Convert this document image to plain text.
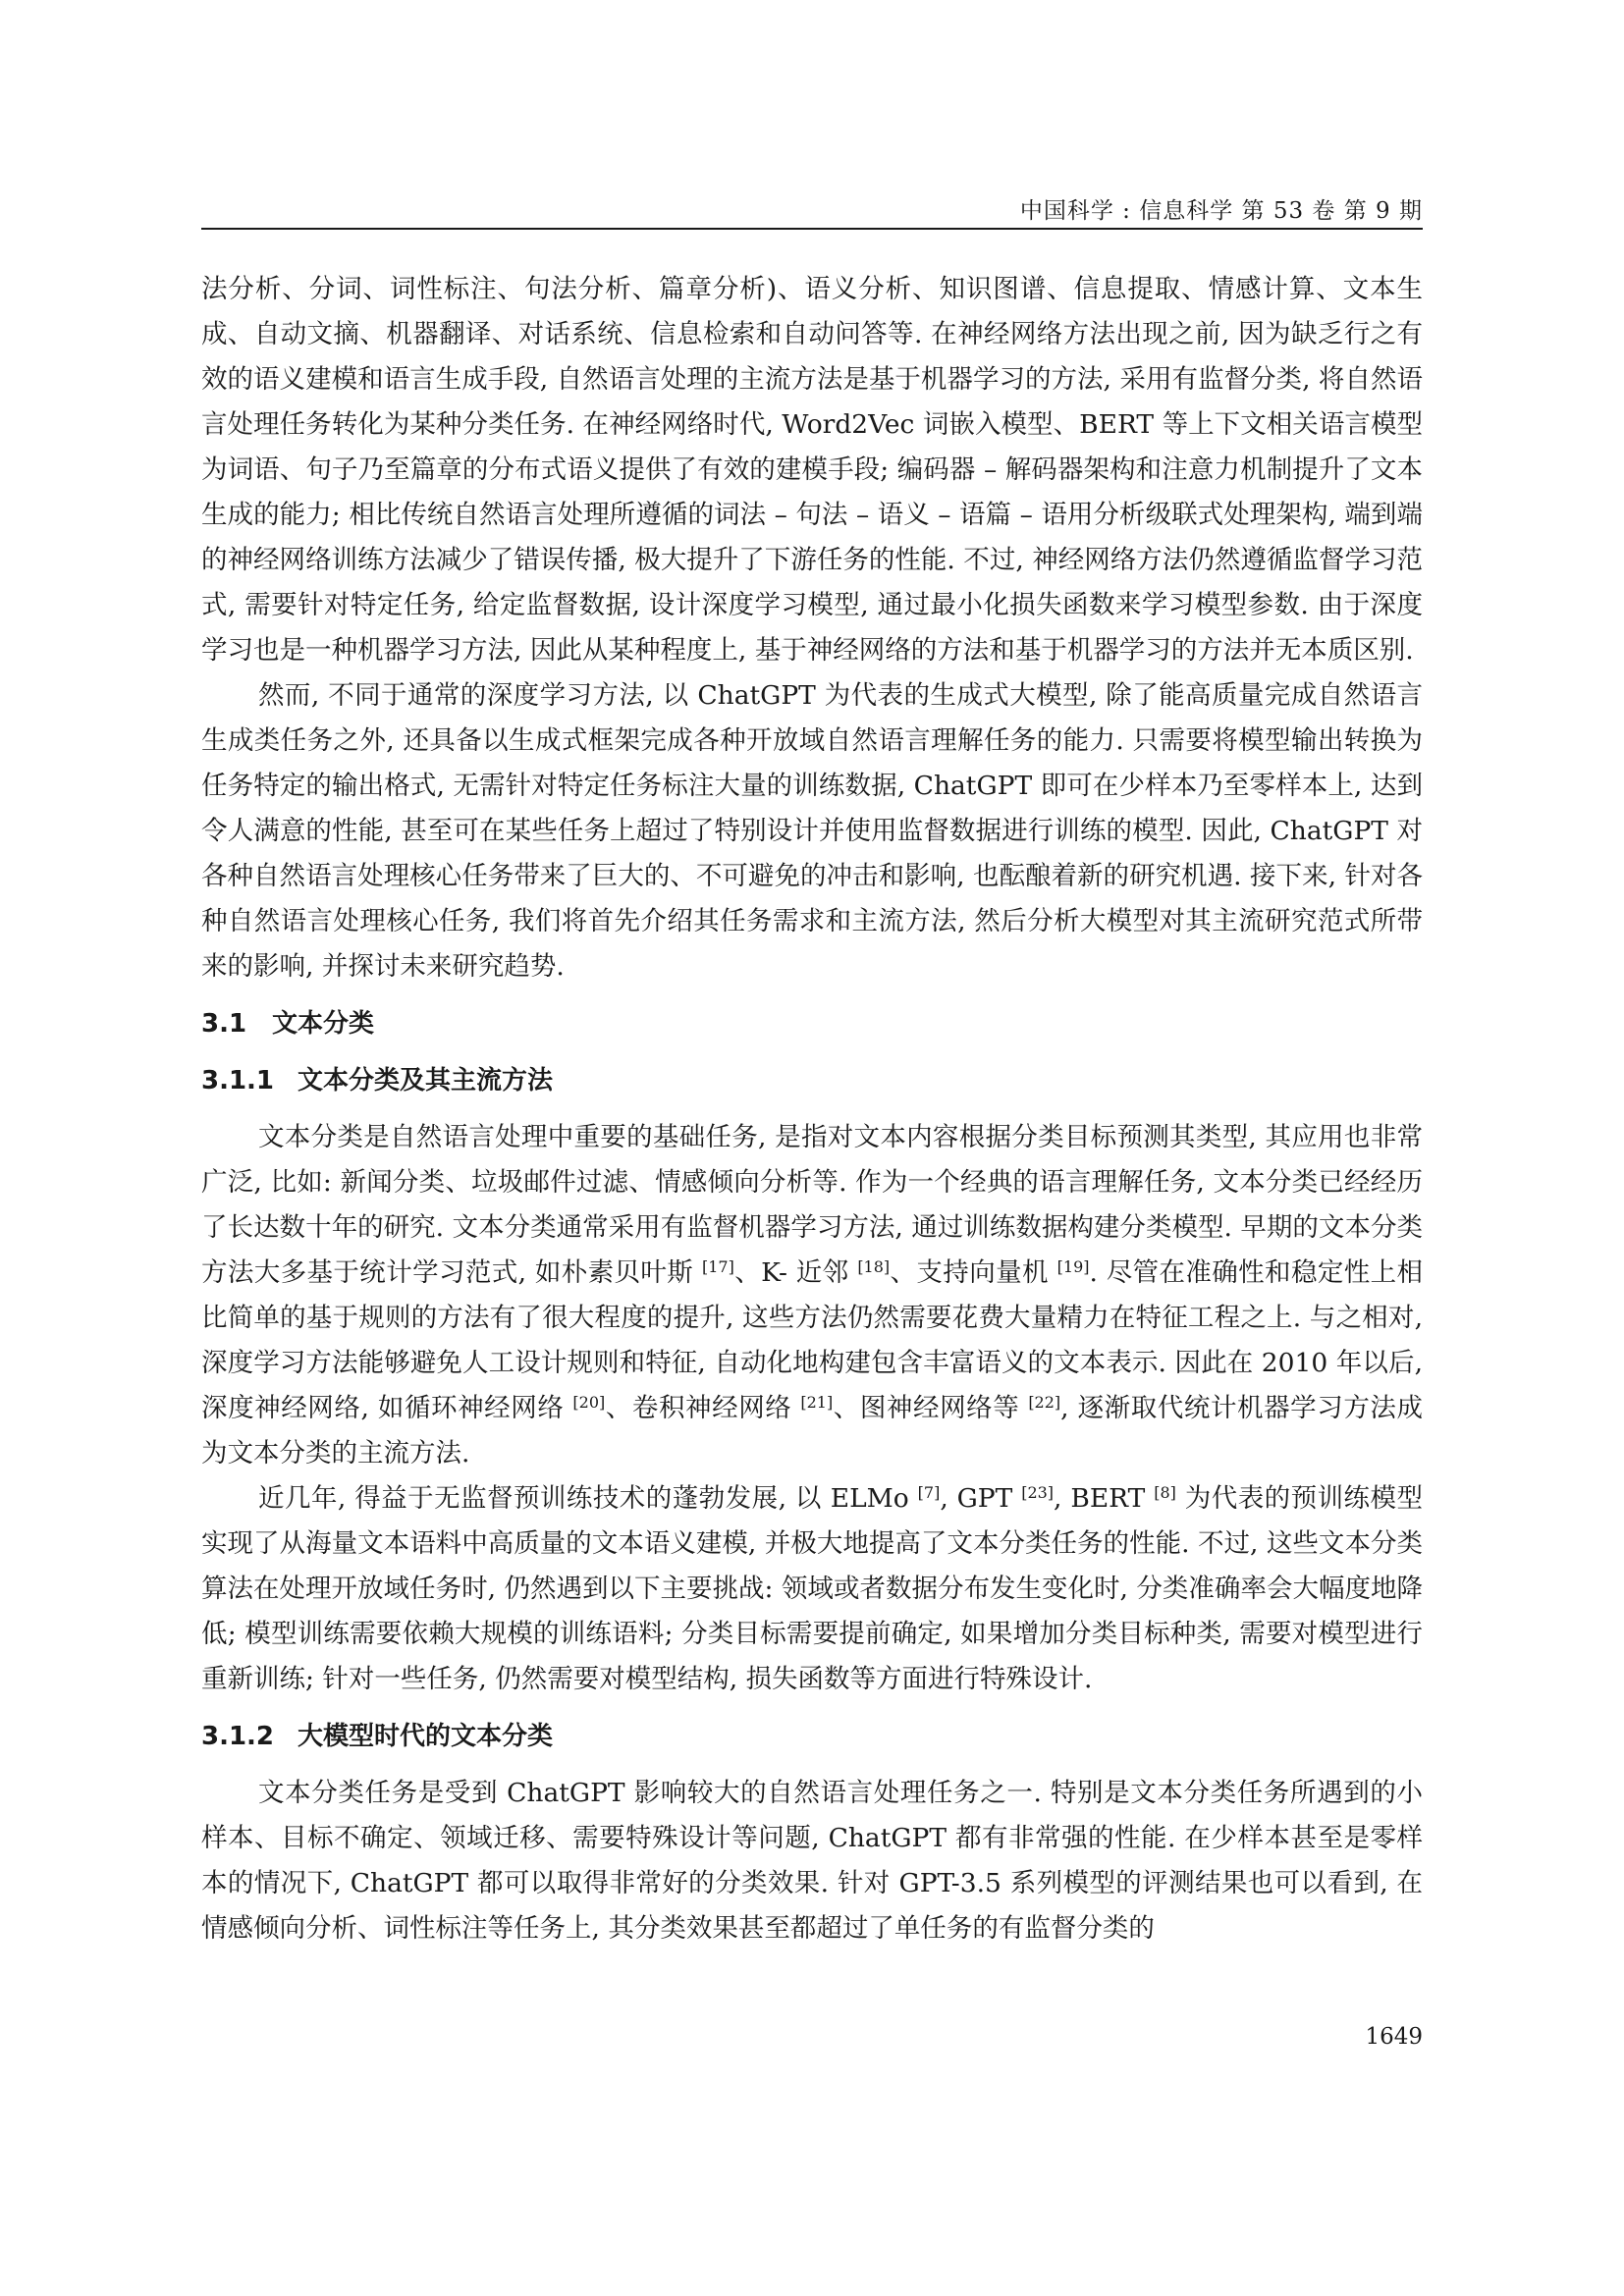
中国科学 : 信息科学 第 53 卷 第 9 期

法分析、分词、词性标注、句法分析、篇章分析)、语义分析、知识图谱、信息提取、情感计算、文本生成、自动文摘、机器翻译、对话系统、信息检索和自动问答等. 在神经网络方法出现之前, 因为缺乏行之有效的语义建模和语言生成手段, 自然语言处理的主流方法是基于机器学习的方法, 采用有监督分类, 将自然语言处理任务转化为某种分类任务. 在神经网络时代, Word2Vec 词嵌入模型、BERT 等上下文相关语言模型为词语、句子乃至篇章的分布式语义提供了有效的建模手段; 编码器 – 解码器架构和注意力机制提升了文本生成的能力; 相比传统自然语言处理所遵循的词法 – 句法 – 语义 – 语篇 – 语用分析级联式处理架构, 端到端的神经网络训练方法减少了错误传播, 极大提升了下游任务的性能. 不过, 神经网络方法仍然遵循监督学习范式, 需要针对特定任务, 给定监督数据, 设计深度学习模型, 通过最小化损失函数来学习模型参数. 由于深度学习也是一种机器学习方法, 因此从某种程度上, 基于神经网络的方法和基于机器学习的方法并无本质区别.

然而, 不同于通常的深度学习方法, 以 ChatGPT 为代表的生成式大模型, 除了能高质量完成自然语言生成类任务之外, 还具备以生成式框架完成各种开放域自然语言理解任务的能力. 只需要将模型输出转换为任务特定的输出格式, 无需针对特定任务标注大量的训练数据, ChatGPT 即可在少样本乃至零样本上, 达到令人满意的性能, 甚至可在某些任务上超过了特别设计并使用监督数据进行训练的模型. 因此, ChatGPT 对各种自然语言处理核心任务带来了巨大的、不可避免的冲击和影响, 也酝酿着新的研究机遇. 接下来, 针对各种自然语言处理核心任务, 我们将首先介绍其任务需求和主流方法, 然后分析大模型对其主流研究范式所带来的影响, 并探讨未来研究趋势.

3.1 文本分类
3.1.1 文本分类及其主流方法

文本分类是自然语言处理中重要的基础任务, 是指对文本内容根据分类目标预测其类型, 其应用也非常广泛, 比如: 新闻分类、垃圾邮件过滤、情感倾向分析等. 作为一个经典的语言理解任务, 文本分类已经经历了长达数十年的研究. 文本分类通常采用有监督机器学习方法, 通过训练数据构建分类模型. 早期的文本分类方法大多基于统计学习范式, 如朴素贝叶斯 [17]、K- 近邻 [18]、支持向量机 [19]. 尽管在准确性和稳定性上相比简单的基于规则的方法有了很大程度的提升, 这些方法仍然需要花费大量精力在特征工程之上. 与之相对, 深度学习方法能够避免人工设计规则和特征, 自动化地构建包含丰富语义的文本表示. 因此在 2010 年以后, 深度神经网络, 如循环神经网络 [20]、卷积神经网络 [21]、图神经网络等 [22], 逐渐取代统计机器学习方法成为文本分类的主流方法.

近几年, 得益于无监督预训练技术的蓬勃发展, 以 ELMo [7], GPT [23], BERT [8] 为代表的预训练模型实现了从海量文本语料中高质量的文本语义建模, 并极大地提高了文本分类任务的性能. 不过, 这些文本分类算法在处理开放域任务时, 仍然遇到以下主要挑战: 领域或者数据分布发生变化时, 分类准确率会大幅度地降低; 模型训练需要依赖大规模的训练语料; 分类目标需要提前确定, 如果增加分类目标种类, 需要对模型进行重新训练; 针对一些任务, 仍然需要对模型结构, 损失函数等方面进行特殊设计.

3.1.2 大模型时代的文本分类

文本分类任务是受到 ChatGPT 影响较大的自然语言处理任务之一. 特别是文本分类任务所遇到的小样本、目标不确定、领域迁移、需要特殊设计等问题, ChatGPT 都有非常强的性能. 在少样本甚至是零样本的情况下, ChatGPT 都可以取得非常好的分类效果. 针对 GPT-3.5 系列模型的评测结果也可以看到, 在情感倾向分析、词性标注等任务上, 其分类效果甚至都超过了单任务的有监督分类的

1649
